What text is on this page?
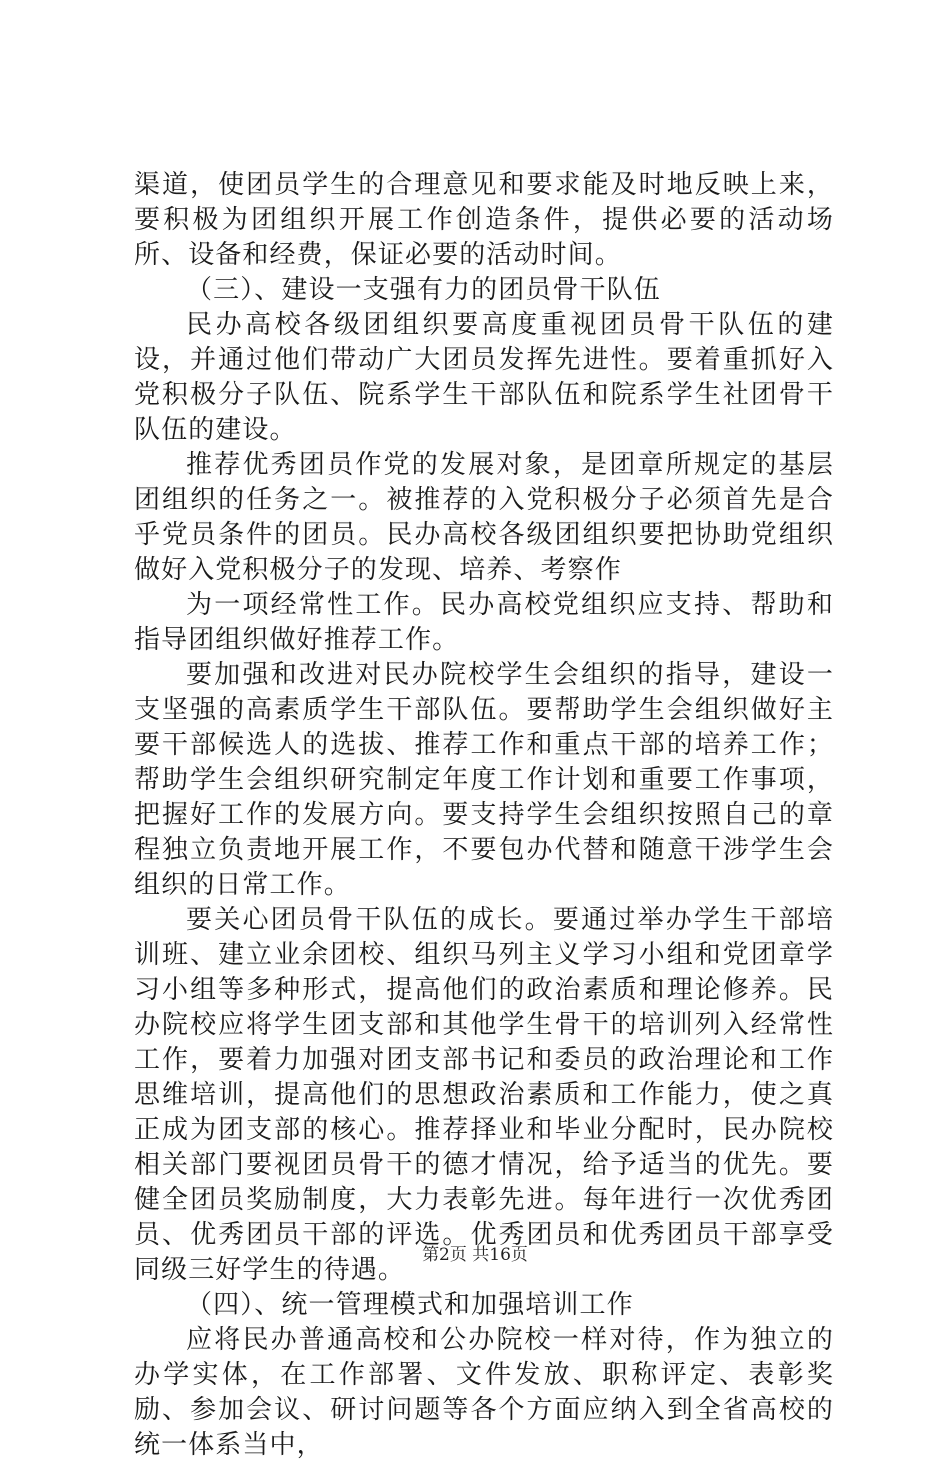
渠道，使团员学生的合理意见和要求能及时地反映上来，要积极为团组织开展工作创造条件，提供必要的活动场所、设备和经费，保证必要的活动时间。

（三）、建设一支强有力的团员骨干队伍

民办高校各级团组织要高度重视团员骨干队伍的建设，并通过他们带动广大团员发挥先进性。要着重抓好入党积极分子队伍、院系学生干部队伍和院系学生社团骨干队伍的建设。

推荐优秀团员作党的发展对象，是团章所规定的基层团组织的任务之一。被推荐的入党积极分子必须首先是合乎党员条件的团员。民办高校各级团组织要把协助党组织做好入党积极分子的发现、培养、考察作

为一项经常性工作。民办高校党组织应支持、帮助和指导团组织做好推荐工作。

要加强和改进对民办院校学生会组织的指导，建设一支坚强的高素质学生干部队伍。要帮助学生会组织做好主要干部候选人的选拔、推荐工作和重点干部的培养工作；帮助学生会组织研究制定年度工作计划和重要工作事项，把握好工作的发展方向。要支持学生会组织按照自己的章程独立负责地开展工作，不要包办代替和随意干涉学生会组织的日常工作。

要关心团员骨干队伍的成长。要通过举办学生干部培训班、建立业余团校、组织马列主义学习小组和党团章学习小组等多种形式，提高他们的政治素质和理论修养。民办院校应将学生团支部和其他学生骨干的培训列入经常性工作，要着力加强对团支部书记和委员的政治理论和工作思维培训，提高他们的思想政治素质和工作能力，使之真正成为团支部的核心。推荐择业和毕业分配时，民办院校相关部门要视团员骨干的德才情况，给予适当的优先。要健全团员奖励制度，大力表彰先进。每年进行一次优秀团员、优秀团员干部的评选。优秀团员和优秀团员干部享受同级三好学生的待遇。

（四）、统一管理模式和加强培训工作

应将民办普通高校和公办院校一样对待，作为独立的办学实体，在工作部署、文件发放、职称评定、表彰奖励、参加会议、研讨问题等各个方面应纳入到全省高校的统一体系当中，

第2页 共16页
